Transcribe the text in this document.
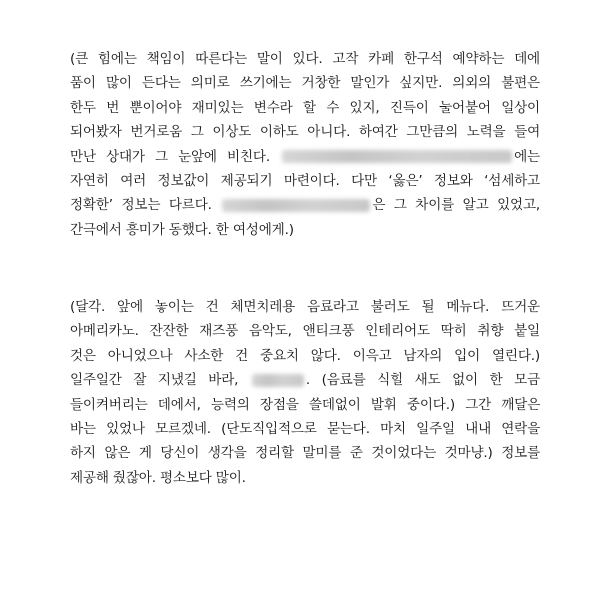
(큰 힘에는 책임이 따른다는 말이 있다. 고작 카페 한구석 예약하는 데에
품이 많이 든다는 의미로 쓰기에는 거창한 말인가 싶지만. 의외의 불편은
한두 번 뿐이어야 재미있는 변수라 할 수 있지, 진득이 눌어붙어 일상이
되어봤자 번거로움 그 이상도 이하도 아니다. 하여간 그만큼의 노력을 들여
만난 상대가 그 눈앞에 비친다.	에는
자연히 여러 정보값이 제공되기 마련이다. 다만 ‘옳은’ 정보와 ‘섬세하고
정확한’ 정보는 다르다.	은 그 차이를 알고 있었고,
간극에서 흥미가 동했다. 한 여성에게.)
(달각. 앞에 놓이는 건 체면치레용 음료라고 불러도 될 메뉴다. 뜨거운
아메리카노. 잔잔한 재즈풍 음악도, 앤티크풍 인테리어도 딱히 취향 붙일
것은 아니었으나 사소한 건 중요치 않다. 이윽고 남자의 입이 열린다.)
일주일간 잘 지냈길 바라,	. (음료를 식힐 새도 없이 한 모금
들이켜버리는 데에서, 능력의 장점을 쓸데없이 발휘 중이다.) 그간 깨달은
바는 있었나 모르겠네. (단도직입적으로 묻는다. 마치 일주일 내내 연락을
하지 않은 게 당신이 생각을 정리할 말미를 준 것이었다는 것마냥.) 정보를
제공해 줬잖아. 평소보다 많이.
